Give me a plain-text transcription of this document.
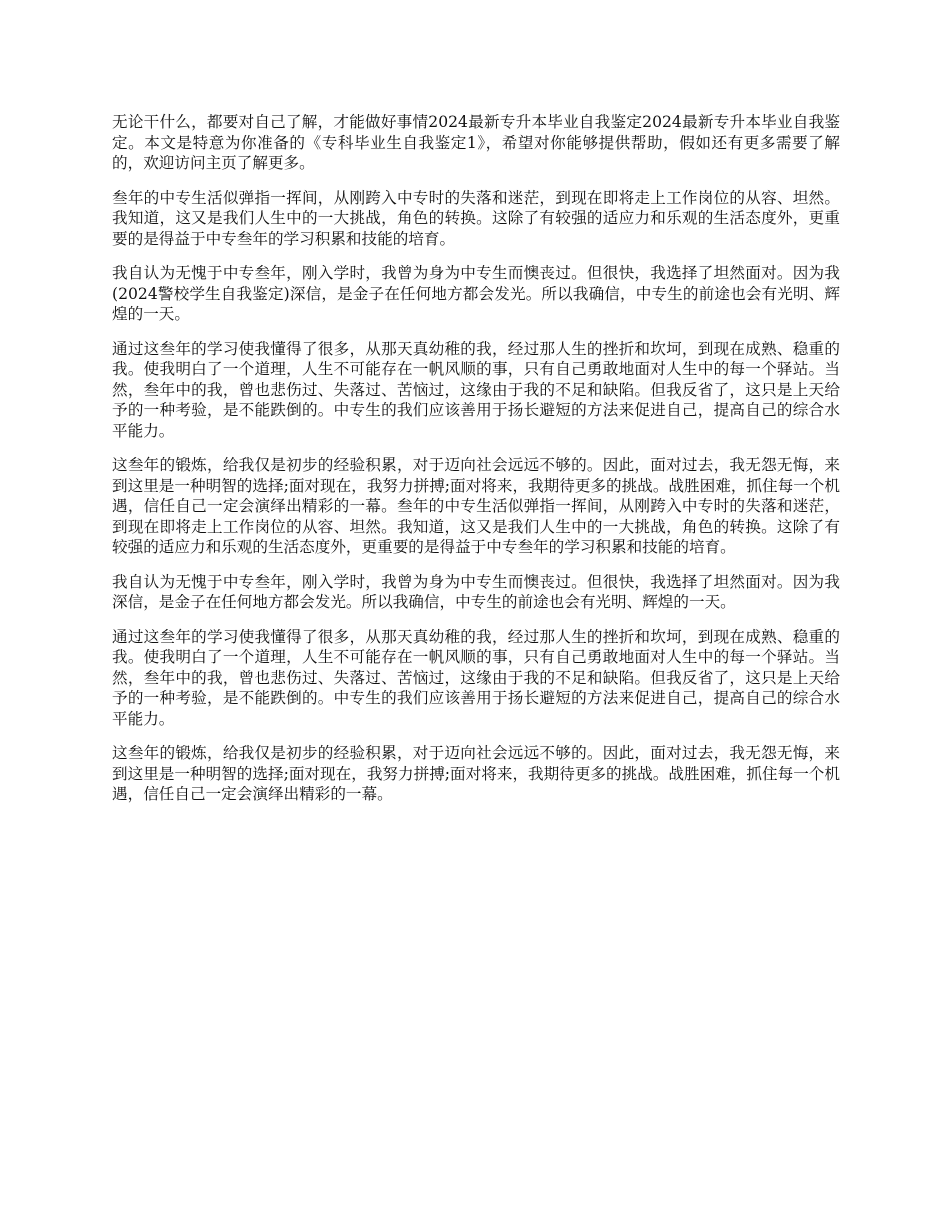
无论干什么，都要对自己了解，才能做好事情2024最新专升本毕业自我鉴定2024最新专升本毕业自我鉴定。本文是特意为你准备的《专科毕业生自我鉴定1》，希望对你能够提供帮助，假如还有更多需要了解的，欢迎访问主页了解更多。

叁年的中专生活似弹指一挥间，从刚跨入中专时的失落和迷茫，到现在即将走上工作岗位的从容、坦然。我知道，这又是我们人生中的一大挑战，角色的转换。这除了有较强的适应力和乐观的生活态度外，更重要的是得益于中专叁年的学习积累和技能的培育。

我自认为无愧于中专叁年，刚入学时，我曾为身为中专生而懊丧过。但很快，我选择了坦然面对。因为我(2024警校学生自我鉴定)深信，是金子在任何地方都会发光。所以我确信，中专生的前途也会有光明、辉煌的一天。

通过这叁年的学习使我懂得了很多，从那天真幼稚的我，经过那人生的挫折和坎坷，到现在成熟、稳重的我。使我明白了一个道理，人生不可能存在一帆风顺的事，只有自己勇敢地面对人生中的每一个驿站。当然，叁年中的我，曾也悲伤过、失落过、苦恼过，这缘由于我的不足和缺陷。但我反省了，这只是上天给予的一种考验，是不能跌倒的。中专生的我们应该善用于扬长避短的方法来促进自己，提高自己的综合水平能力。

这叁年的锻炼，给我仅是初步的经验积累，对于迈向社会远远不够的。因此，面对过去，我无怨无悔，来到这里是一种明智的选择;面对现在，我努力拼搏;面对将来，我期待更多的挑战。战胜困难，抓住每一个机遇，信任自己一定会演绎出精彩的一幕。叁年的中专生活似弹指一挥间，从刚跨入中专时的失落和迷茫，到现在即将走上工作岗位的从容、坦然。我知道，这又是我们人生中的一大挑战，角色的转换。这除了有较强的适应力和乐观的生活态度外，更重要的是得益于中专叁年的学习积累和技能的培育。

我自认为无愧于中专叁年，刚入学时，我曾为身为中专生而懊丧过。但很快，我选择了坦然面对。因为我深信，是金子在任何地方都会发光。所以我确信，中专生的前途也会有光明、辉煌的一天。

通过这叁年的学习使我懂得了很多，从那天真幼稚的我，经过那人生的挫折和坎坷，到现在成熟、稳重的我。使我明白了一个道理，人生不可能存在一帆风顺的事，只有自己勇敢地面对人生中的每一个驿站。当然，叁年中的我，曾也悲伤过、失落过、苦恼过，这缘由于我的不足和缺陷。但我反省了，这只是上天给予的一种考验，是不能跌倒的。中专生的我们应该善用于扬长避短的方法来促进自己，提高自己的综合水平能力。

这叁年的锻炼，给我仅是初步的经验积累，对于迈向社会远远不够的。因此，面对过去，我无怨无悔，来到这里是一种明智的选择;面对现在，我努力拼搏;面对将来，我期待更多的挑战。战胜困难，抓住每一个机遇，信任自己一定会演绎出精彩的一幕。
